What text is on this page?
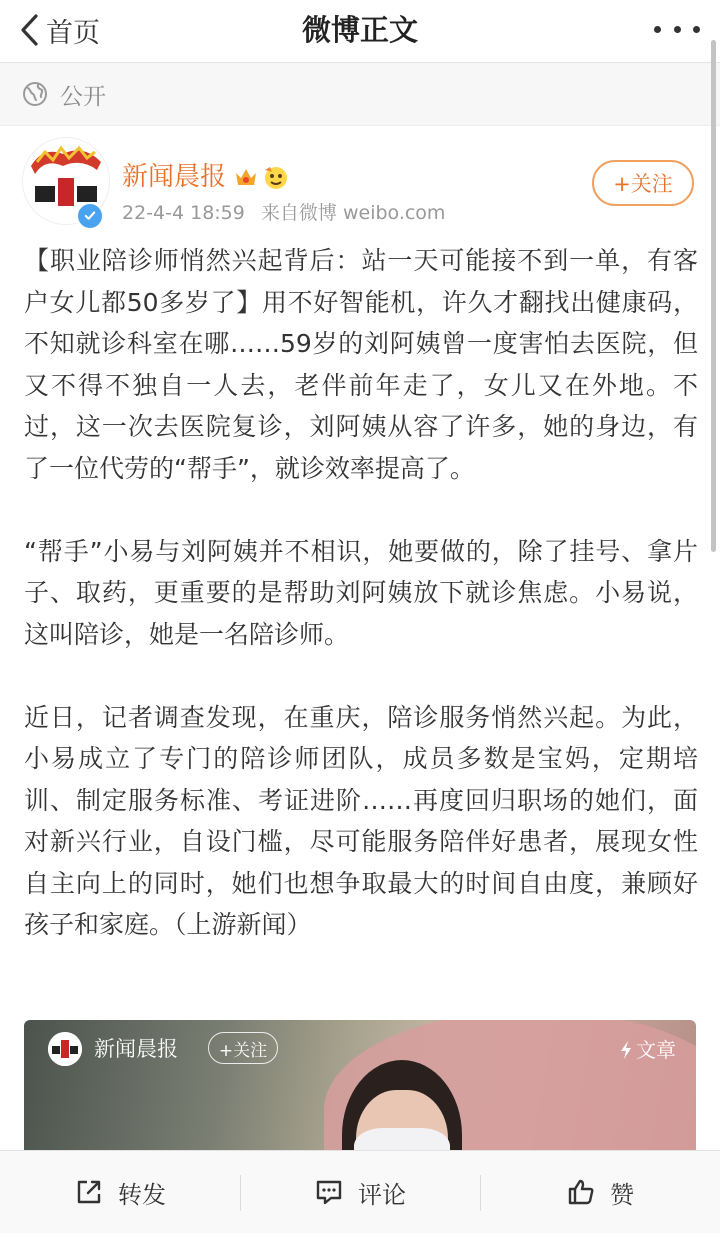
首页	微博正文
公开
新闻晨报
22-4-4 18:59 来自微博 weibo.com
+关注

【职业陪诊师悄然兴起背后：站一天可能接不到一单，有客户女儿都50多岁了】用不好智能机，许久才翻找出健康码，不知就诊科室在哪……59岁的刘阿姨曾一度害怕去医院，但又不得不独自一人去，老伴前年走了，女儿又在外地。不过，这一次去医院复诊，刘阿姨从容了许多，她的身边，有了一位代劳的“帮手”，就诊效率提高了。

“帮手”小易与刘阿姨并不相识，她要做的，除了挂号、拿片子、取药，更重要的是帮助刘阿姨放下就诊焦虑。小易说，这叫陪诊，她是一名陪诊师。

近日，记者调查发现，在重庆，陪诊服务悄然兴起。为此，小易成立了专门的陪诊师团队，成员多数是宝妈，定期培训、制定服务标准、考证进阶……再度回归职场的她们，面对新兴行业，自设门槛，尽可能服务陪伴好患者，展现女性自主向上的同时，她们也想争取最大的时间自由度，兼顾好孩子和家庭。（上游新闻）

新闻晨报	+关注	文章
转发	评论	赞
